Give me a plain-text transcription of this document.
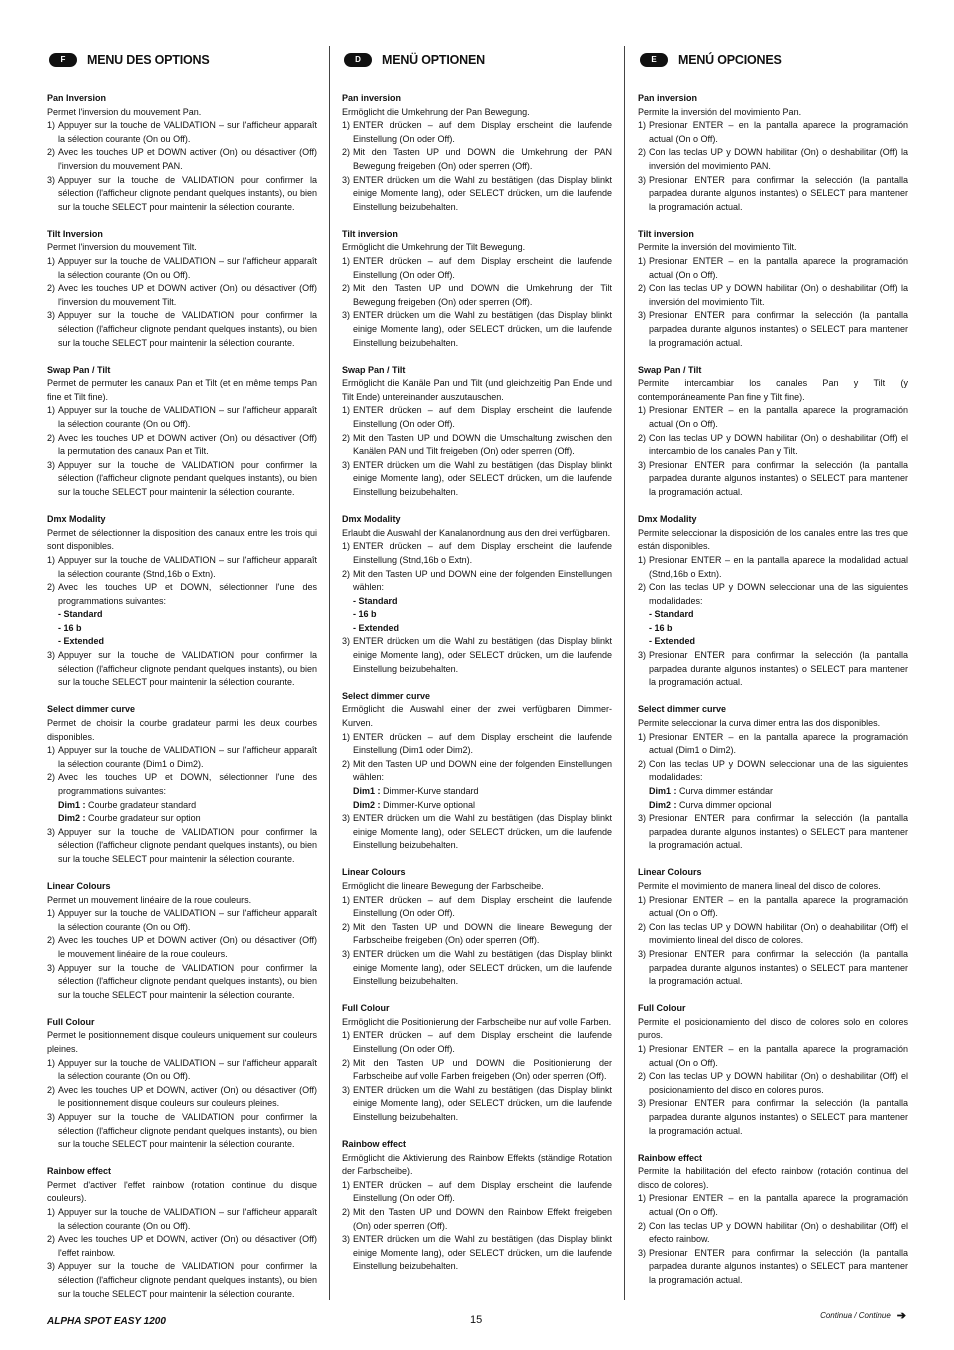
F	MENU DES OPTIONS
Pan Inversion
Permet l'inversion du mouvement Pan.
1) Appuyer sur la touche de VALIDATION – sur l'afficheur apparaît la sélection courante (On ou Off).
2) Avec les touches UP et DOWN activer (On) ou désactiver (Off) l'inversion du mouvement PAN.
3) Appuyer sur la touche de VALIDATION pour confirmer la sélection (l'afficheur clignote pendant quelques instants), ou bien sur la touche SELECT pour maintenir la sélection courante.
Tilt Inversion
Permet l'inversion du mouvement Tilt.
1) Appuyer sur la touche de VALIDATION – sur l'afficheur apparaît la sélection courante (On ou Off).
2) Avec les touches UP et DOWN activer (On) ou désactiver (Off) l'inversion du mouvement Tilt.
3) Appuyer sur la touche de VALIDATION pour confirmer la sélection (l'afficheur clignote pendant quelques instants), ou bien sur la touche SELECT pour maintenir la sélection courante.
Swap Pan / Tilt
Permet de permuter les canaux Pan et Tilt (et en même temps Pan fine et Tilt fine).
1) Appuyer sur la touche de VALIDATION – sur l'afficheur apparaît la sélection courante (On ou Off).
2) Avec les touches UP et DOWN activer (On) ou désactiver (Off) la permutation des canaux Pan et Tilt.
3) Appuyer sur la touche de VALIDATION pour confirmer la sélection (l'afficheur clignote pendant quelques instants), ou bien sur la touche SELECT pour maintenir la sélection courante.
Dmx Modality
Permet de sélectionner la disposition des canaux entre les trois qui sont disponibles.
1) Appuyer sur la touche de VALIDATION – sur l'afficheur apparaît la sélection courante (Stnd,16b o Extn).
2) Avec les touches UP et DOWN, sélectionner l'une des programmations suivantes:
- Standard
- 16 b
- Extended
3) Appuyer sur la touche de VALIDATION pour confirmer la sélection (l'afficheur clignote pendant quelques instants), ou bien sur la touche SELECT pour maintenir la sélection courante.
Select dimmer curve
Permet de choisir la courbe gradateur parmi les deux courbes disponibles.
1) Appuyer sur la touche de VALIDATION – sur l'afficheur apparaît la sélection courante (Dim1 o Dim2).
2) Avec les touches UP et DOWN, sélectionner l'une des programmations suivantes:
Dim1 : Courbe gradateur standard
Dim2 : Courbe gradateur sur option
3) Appuyer sur la touche de VALIDATION pour confirmer la sélection (l'afficheur clignote pendant quelques instants), ou bien sur la touche SELECT pour maintenir la sélection courante.
Linear Colours
Permet un mouvement linéaire de la roue couleurs.
1) Appuyer sur la touche de VALIDATION – sur l'afficheur apparaît la sélection courante (On ou Off).
2) Avec les touches UP et DOWN activer (On) ou désactiver (Off) le mouvement linéaire de la roue couleurs.
3) Appuyer sur la touche de VALIDATION pour confirmer la sélection (l'afficheur clignote pendant quelques instants), ou bien sur la touche SELECT pour maintenir la sélection courante.
Full Colour
Permet le positionnement disque couleurs uniquement sur couleurs pleines.
1) Appuyer sur la touche de VALIDATION – sur l'afficheur apparaît la sélection courante (On ou Off).
2) Avec les touches UP et DOWN, activer (On) ou désactiver (Off) le positionnement disque couleurs sur couleurs pleines.
3) Appuyer sur la touche de VALIDATION pour confirmer la sélection (l'afficheur clignote pendant quelques instants), ou bien sur la touche SELECT pour maintenir la sélection courante.
Rainbow effect
Permet d'activer l'effet rainbow (rotation continue du disque couleurs).
1) Appuyer sur la touche de VALIDATION – sur l'afficheur apparaît la sélection courante (On ou Off).
2) Avec les touches UP et DOWN, activer (On) ou désactiver (Off) l'effet rainbow.
3) Appuyer sur la touche de VALIDATION pour confirmer la sélection (l'afficheur clignote pendant quelques instants), ou bien sur la touche SELECT pour maintenir la sélection courante.
D	MENÜ OPTIONEN
Pan inversion
Ermöglicht die Umkehrung der Pan Bewegung.
1) ENTER drücken – auf dem Display erscheint die laufende Einstellung (On oder Off).
2) Mit den Tasten UP und DOWN die Umkehrung der PAN Bewegung freigeben (On) oder sperren (Off).
3) ENTER drücken um die Wahl zu bestätigen (das Display blinkt einige Momente lang), oder SELECT drücken, um die laufende Einstellung beizubehalten.
Tilt inversion
Ermöglicht die Umkehrung der Tilt Bewegung.
1) ENTER drücken – auf dem Display erscheint die laufende Einstellung (On oder Off).
2) Mit den Tasten UP und DOWN die Umkehrung der Tilt Bewegung freigeben (On) oder sperren (Off).
3) ENTER drücken um die Wahl zu bestätigen (das Display blinkt einige Momente lang), oder SELECT drücken, um die laufende Einstellung beizubehalten.
Swap Pan / Tilt
Ermöglicht die Kanäle Pan und Tilt (und gleichzeitig Pan Ende und Tilt Ende) untereinander auszutauschen.
1) ENTER drücken – auf dem Display erscheint die laufende Einstellung (On oder Off).
2) Mit den Tasten UP und DOWN die Umschaltung zwischen den Kanälen PAN und Tilt freigeben (On) oder sperren (Off).
3) ENTER drücken um die Wahl zu bestätigen (das Display blinkt einige Momente lang), oder SELECT drücken, um die laufende Einstellung beizubehalten.
Dmx Modality
Erlaubt die Auswahl der Kanalanordnung aus den drei verfügbaren.
1) ENTER drücken – auf dem Display erscheint die laufende Einstellung (Stnd,16b o Extn).
2) Mit den Tasten UP und DOWN eine der folgenden Einstellungen wählen:
- Standard
- 16 b
- Extended
3) ENTER drücken um die Wahl zu bestätigen (das Display blinkt einige Momente lang), oder SELECT drücken, um die laufende Einstellung beizubehalten.
Select dimmer curve
Ermöglicht die Auswahl einer der zwei verfügbaren Dimmer-Kurven.
1) ENTER drücken – auf dem Display erscheint die laufende Einstellung (Dim1 oder Dim2).
2) Mit den Tasten UP und DOWN eine der folgenden Einstellungen wählen:
Dim1 : Dimmer-Kurve standard
Dim2 : Dimmer-Kurve optional
3) ENTER drücken um die Wahl zu bestätigen (das Display blinkt einige Momente lang), oder SELECT drücken, um die laufende Einstellung beizubehalten.
Linear Colours
Ermöglicht die lineare Bewegung der Farbscheibe.
1) ENTER drücken – auf dem Display erscheint die laufende Einstellung (On oder Off).
2) Mit den Tasten UP und DOWN die lineare Bewegung der Farbscheibe freigeben (On) oder sperren (Off).
3) ENTER drücken um die Wahl zu bestätigen (das Display blinkt einige Momente lang), oder SELECT drücken, um die laufende Einstellung beizubehalten.
Full Colour
Ermöglicht die Positionierung der Farbscheibe nur auf volle Farben.
1) ENTER drücken – auf dem Display erscheint die laufende Einstellung (On oder Off).
2) Mit den Tasten UP und DOWN die Positionierung der Farbscheibe auf volle Farben freigeben (On) oder sperren (Off).
3) ENTER drücken um die Wahl zu bestätigen (das Display blinkt einige Momente lang), oder SELECT drücken, um die laufende Einstellung beizubehalten.
Rainbow effect
Ermöglicht die Aktivierung des Rainbow Effekts (ständige Rotation der Farbscheibe).
1) ENTER drücken – auf dem Display erscheint die laufende Einstellung (On oder Off).
2) Mit den Tasten UP und DOWN den Rainbow Effekt freigeben (On) oder sperren (Off).
3) ENTER drücken um die Wahl zu bestätigen (das Display blinkt einige Momente lang), oder SELECT drücken, um die laufende Einstellung beizubehalten.
E	MENÚ OPCIONES
Pan inversion
Permite la inversión del movimiento Pan.
1) Presionar ENTER – en la pantalla aparece la programación actual (On o Off).
2) Con las teclas UP y DOWN habilitar (On) o deshabilitar (Off) la inversión del movimiento PAN.
3) Presionar ENTER para confirmar la selección (la pantalla parpadea durante algunos instantes) o SELECT para mantener la programación actual.
Tilt inversion
Permite la inversión del movimiento Tilt.
1) Presionar ENTER – en la pantalla aparece la programación actual (On o Off).
2) Con las teclas UP y DOWN habilitar (On) o deshabilitar (Off) la inversión del movimiento Tilt.
3) Presionar ENTER para confirmar la selección (la pantalla parpadea durante algunos instantes) o SELECT para mantener la programación actual.
Swap Pan / Tilt
Permite intercambiar los canales Pan y Tilt (y contemporáneamente Pan fine y Tilt fine).
1) Presionar ENTER – en la pantalla aparece la programación actual (On o Off).
2) Con las teclas UP y DOWN habilitar (On) o deshabilitar (Off) el intercambio de los canales Pan y Tilt.
3) Presionar ENTER para confirmar la selección (la pantalla parpadea durante algunos instantes) o SELECT para mantener la programación actual.
Dmx Modality
Permite seleccionar la disposición de los canales entre las tres que están disponibles.
1) Presionar ENTER – en la pantalla aparece la modalidad actual (Stnd,16b o Extn).
2) Con las teclas UP y DOWN seleccionar una de las siguientes modalidades:
- Standard
- 16 b
- Extended
3) Presionar ENTER para confirmar la selección (la pantalla parpadea durante algunos instantes) o SELECT para mantener la programación actual.
Select dimmer curve
Permite seleccionar la curva dimer entra las dos disponibles.
1) Presionar ENTER – en la pantalla aparece la programación actual (Dim1 o Dim2).
2) Con las teclas UP y DOWN seleccionar una de las siguientes modalidades:
Dim1 : Curva dimmer estándar
Dim2 : Curva dimmer opcional
3) Presionar ENTER para confirmar la selección (la pantalla parpadea durante algunos instantes) o SELECT para mantener la programación actual.
Linear Colours
Permite el movimiento de manera lineal del disco de colores.
1) Presionar ENTER – en la pantalla aparece la programación actual (On o Off).
2) Con las teclas UP y DOWN habilitar (On) o deahabilitar (Off) el movimiento lineal del disco de colores.
3) Presionar ENTER para confirmar la selección (la pantalla parpadea durante algunos instantes) o SELECT para mantener la programación actual.
Full Colour
Permite el posicionamiento del disco de colores solo en colores puros.
1) Presionar ENTER – en la pantalla aparece la programación actual (On o Off).
2) Con las teclas UP y DOWN habilitar (On) o deshabilitar (Off) el posicionamiento del disco en colores puros.
3) Presionar ENTER para confirmar la selección (la pantalla parpadea durante algunos instantes) o SELECT para mantener la programación actual.
Rainbow effect
Permite la habilitación del efecto rainbow (rotación continua del disco de colores).
1) Presionar ENTER – en la pantalla aparece la programación actual (On o Off).
2) Con las teclas UP y DOWN habilitar (On) o deshabilitar (Off) el efecto rainbow.
3) Presionar ENTER para confirmar la selección (la pantalla parpadea durante algunos instantes) o SELECT para mantener la programación actual.
ALPHA SPOT EASY 1200	15	Continua / Continue ➔
